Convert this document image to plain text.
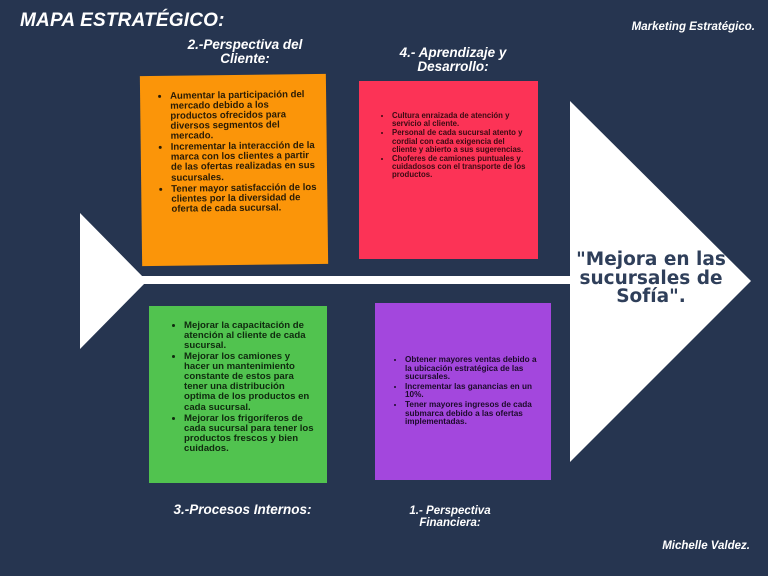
MAPA ESTRATÉGICO:	Marketing Estratégico.
Michelle Valdez.
2.-Perspectiva del
Cliente:	4.- Aprendizaje y
Desarrollo:
3.-Procesos Internos:	1.- Perspectiva
Financiera:
• Aumentar la participación del mercado debido a los productos ofrecidos para diversos segmentos del mercado.
• Incrementar la interacción de la marca con los clientes a partir de las ofertas realizadas en sus sucursales.
• Tener mayor satisfacción de los clientes por la diversidad de oferta de cada sucursal.
• Cultura enraizada de atención y servicio al cliente.
• Personal de cada sucursal atento y cordial con cada exigencia del cliente y abierto a sus sugerencias.
• Choferes de camiones puntuales y cuidadosos con el transporte de los productos.
• Mejorar la capacitación de atención al cliente de cada sucursal.
• Mejorar los camiones y hacer un mantenimiento constante de estos para tener una distribución optima de los productos en cada sucursal.
• Mejorar los frigoríferos de cada sucursal para tener los productos frescos y bien cuidados.
• Obtener mayores ventas debido a la ubicación estratégica de las sucursales.
• Incrementar las ganancias en un 10%.
• Tener mayores ingresos de cada submarca debido a las ofertas implementadas.
"Mejora en las sucursales de Sofía".
